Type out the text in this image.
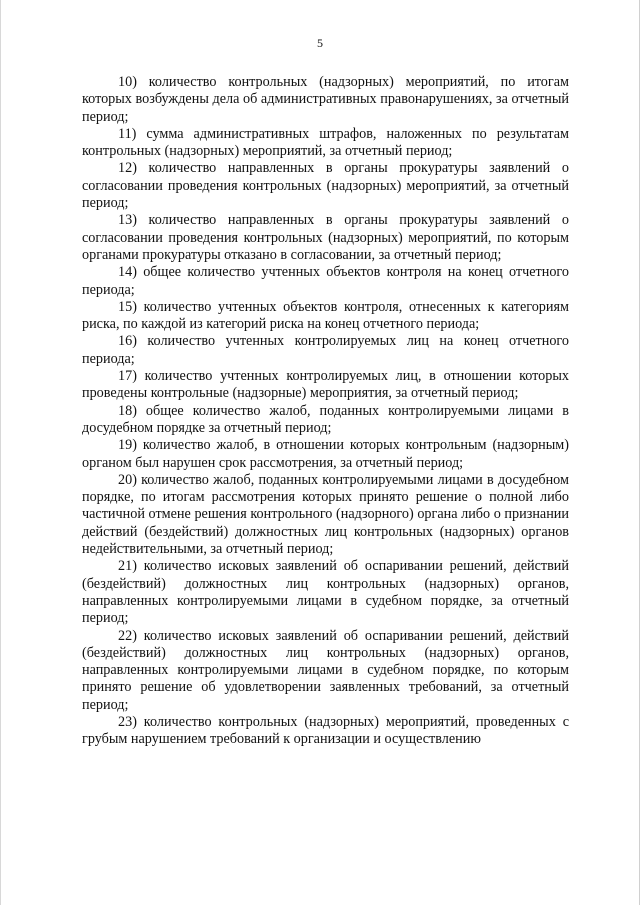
5

10) количество контрольных (надзорных) мероприятий, по итогам которых возбуждены дела об административных правонарушениях, за отчетный период;

11) сумма административных штрафов, наложенных по результатам контрольных (надзорных) мероприятий, за отчетный период;

12) количество направленных в органы прокуратуры заявлений о согласовании проведения контрольных (надзорных) мероприятий, за отчетный период;

13) количество направленных в органы прокуратуры заявлений о согласовании проведения контрольных (надзорных) мероприятий, по которым органами прокуратуры отказано в согласовании, за отчетный период;

14) общее количество учтенных объектов контроля на конец отчетного периода;

15) количество учтенных объектов контроля, отнесенных к категориям риска, по каждой из категорий риска на конец отчетного периода;

16) количество учтенных контролируемых лиц на конец отчетного периода;

17) количество учтенных контролируемых лиц, в отношении которых проведены контрольные (надзорные) мероприятия, за отчетный период;

18) общее количество жалоб, поданных контролируемыми лицами в досудебном порядке за отчетный период;

19) количество жалоб, в отношении которых контрольным (надзорным) органом был нарушен срок рассмотрения, за отчетный период;

20) количество жалоб, поданных контролируемыми лицами в досудебном порядке, по итогам рассмотрения которых принято решение о полной либо частичной отмене решения контрольного (надзорного) органа либо о признании действий (бездействий) должностных лиц контрольных (надзорных) органов недействительными, за отчетный период;

21) количество исковых заявлений об оспаривании решений, действий (бездействий) должностных лиц контрольных (надзорных) органов, направленных контролируемыми лицами в судебном порядке, за отчетный период;

22) количество исковых заявлений об оспаривании решений, действий (бездействий) должностных лиц контрольных (надзорных) органов, направленных контролируемыми лицами в судебном порядке, по которым принято решение об удовлетворении заявленных требований, за отчетный период;

23) количество контрольных (надзорных) мероприятий, проведенных с грубым нарушением требований к организации и осуществлению
